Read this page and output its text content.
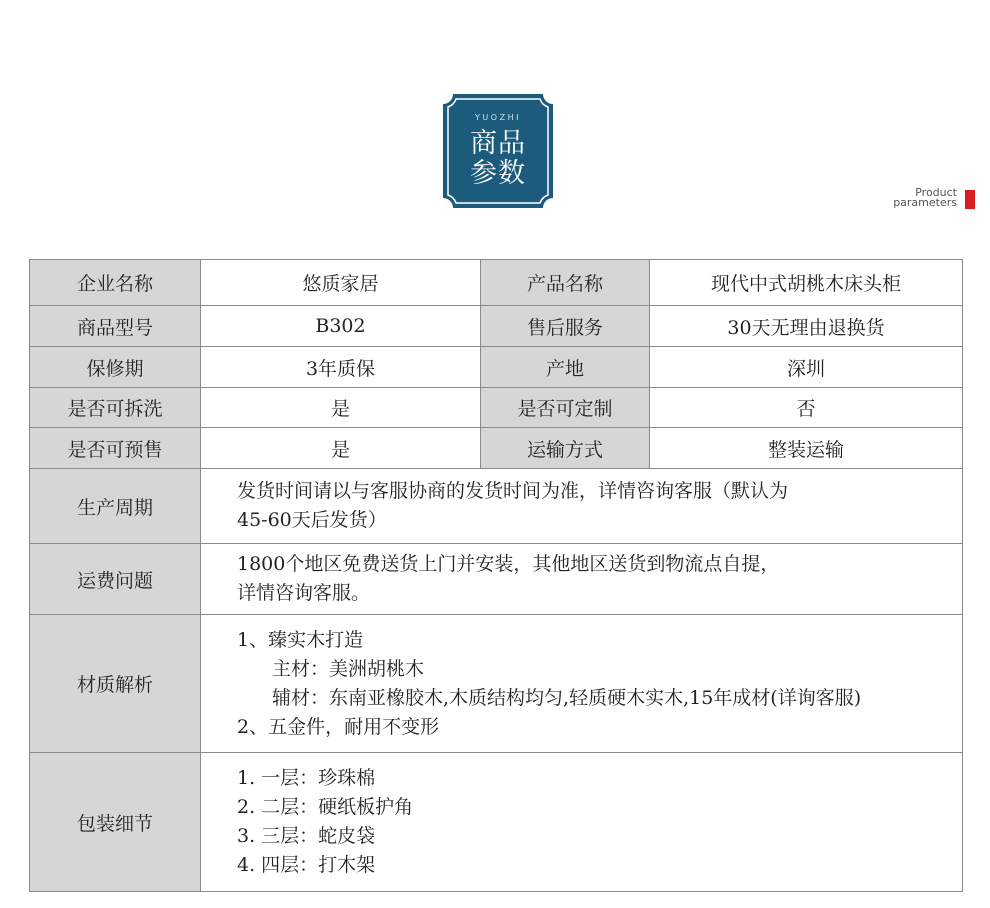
YUOZHI
商品
参数
Product
parameters
企业名称	悠质家居	产品名称	现代中式胡桃木床头柜
商品型号	B302	售后服务	30天无理由退换货
保修期	3年质保	产地	深圳
是否可拆洗	是	是否可定制	否
是否可预售	是	运输方式	整装运输
生产周期	发货时间请以与客服协商的发货时间为准，详情咨询客服（默认为
45-60天后发货）		

运费问题	1800个地区免费送货上门并安装，其他地区送货到物流点自提，
详情咨询客服。		

材质解析	1、臻实木打造
主材：美洲胡桃木
辅材：东南亚橡胶木,木质结构均匀,轻质硬木实木,15年成材(详询客服)
2、五金件，耐用不变形		

包装细节	1. 一层：珍珠棉
2. 二层：硬纸板护角
3. 三层：蛇皮袋
4. 四层：打木架		
